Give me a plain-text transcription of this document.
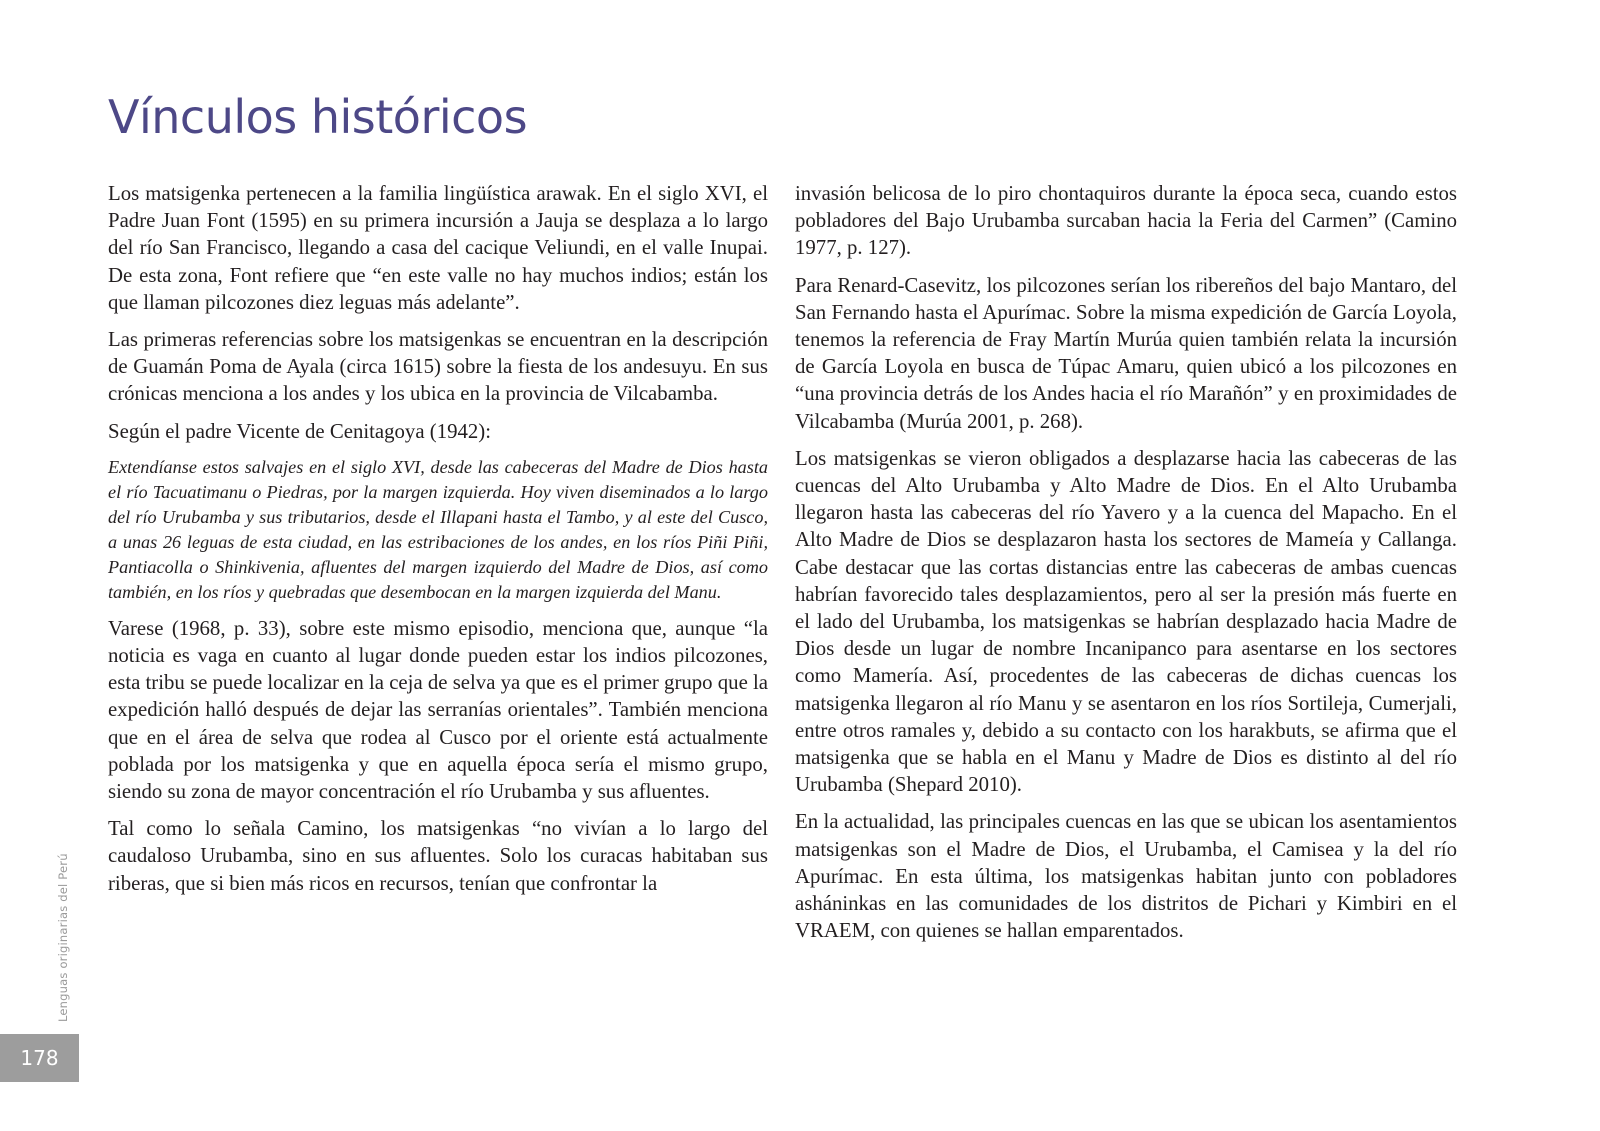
Vínculos históricos

Los matsigenka pertenecen a la familia lingüística arawak. En el siglo XVI, el Padre Juan Font (1595) en su primera incursión a Jauja se desplaza a lo largo del río San Francisco, llegando a casa del cacique Veliundi, en el valle Inupai. De esta zona, Font refiere que “en este valle no hay muchos indios; están los que llaman pilcozones diez leguas más adelante”.

Las primeras referencias sobre los matsigenkas se encuentran en la descripción de Guamán Poma de Ayala (circa 1615) sobre la fiesta de los andesuyu. En sus crónicas menciona a los andes y los ubica en la provincia de Vilcabamba.

Según el padre Vicente de Cenitagoya (1942):

Extendíanse estos salvajes en el siglo XVI, desde las cabeceras del Madre de Dios hasta el río Tacuatimanu o Piedras, por la margen izquierda. Hoy viven diseminados a lo largo del río Urubamba y sus tributarios, desde el Illapani hasta el Tambo, y al este del Cusco, a unas 26 leguas de esta ciudad, en las estribaciones de los andes, en los ríos Piñi Piñi, Pantiacolla o Shinkivenia, afluentes del margen izquierdo del Madre de Dios, así como también, en los ríos y quebradas que desembocan en la margen izquierda del Manu.

Varese (1968, p. 33), sobre este mismo episodio, menciona que, aunque “la noticia es vaga en cuanto al lugar donde pueden estar los indios pilcozones, esta tribu se puede localizar en la ceja de selva ya que es el primer grupo que la expedición halló después de dejar las serranías orientales”. También menciona que en el área de selva que rodea al Cusco por el oriente está actualmente poblada por los matsigenka y que en aquella época sería el mismo grupo, siendo su zona de mayor concentración el río Urubamba y sus afluentes.

Tal como lo señala Camino, los matsigenkas “no vivían a lo largo del caudaloso Urubamba, sino en sus afluentes. Solo los curacas habitaban sus riberas, que si bien más ricos en recursos, tenían que confrontar la

invasión belicosa de lo piro chontaquiros durante la época seca, cuando estos pobladores del Bajo Urubamba surcaban hacia la Feria del Carmen” (Camino 1977, p. 127).

Para Renard-Casevitz, los pilcozones serían los ribereños del bajo Mantaro, del San Fernando hasta el Apurímac. Sobre la misma expedición de García Loyola, tenemos la referencia de Fray Martín Murúa quien también relata la incursión de García Loyola en busca de Túpac Amaru, quien ubicó a los pilcozones en “una provincia detrás de los Andes hacia el río Marañón” y en proximidades de Vilcabamba (Murúa 2001, p. 268).

Los matsigenkas se vieron obligados a desplazarse hacia las cabeceras de las cuencas del Alto Urubamba y Alto Madre de Dios. En el Alto Urubamba llegaron hasta las cabeceras del río Yavero y a la cuenca del Mapacho. En el Alto Madre de Dios se desplazaron hasta los sectores de Mameía y Callanga. Cabe destacar que las cortas distancias entre las cabeceras de ambas cuencas habrían favorecido tales desplazamientos, pero al ser la presión más fuerte en el lado del Urubamba, los matsigenkas se habrían desplazado hacia Madre de Dios desde un lugar de nombre Incanipanco para asentarse en los sectores como Mamería. Así, procedentes de las cabeceras de dichas cuencas los matsigenka llegaron al río Manu y se asentaron en los ríos Sortileja, Cumerjali, entre otros ramales y, debido a su contacto con los harakbuts, se afirma que el matsigenka que se habla en el Manu y Madre de Dios es distinto al del río Urubamba (Shepard 2010).

En la actualidad, las principales cuencas en las que se ubican los asentamientos matsigenkas son el Madre de Dios, el Urubamba, el Camisea y la del río Apurímac. En esta última, los matsigenkas habitan junto con pobladores asháninkas en las comunidades de los distritos de Pichari y Kimbiri en el VRAEM, con quienes se hallan emparentados.

Lenguas originarias del Perú
178
